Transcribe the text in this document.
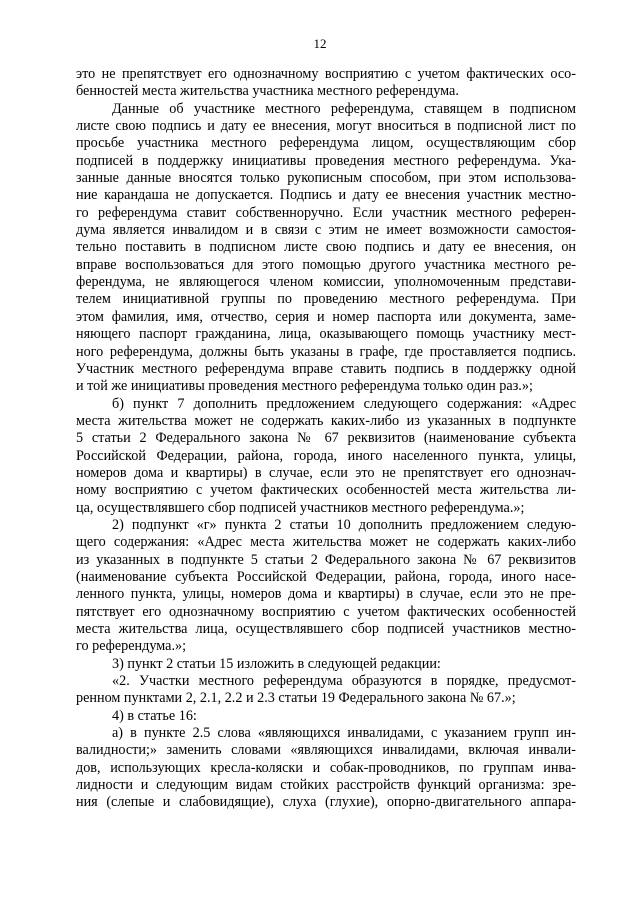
12
это не препятствует его однозначному восприятию с учетом фактических осо-
бенностей места жительства участника местного референдума.
Данные об участнике местного референдума, ставящем в подписном
листе свою подпись и дату ее внесения, могут вноситься в подписной лист по
просьбе участника местного референдума лицом, осуществляющим сбор
подписей в поддержку инициативы проведения местного референдума. Ука-
занные данные вносятся только рукописным способом, при этом использова-
ние карандаша не допускается. Подпись и дату ее внесения участник местно-
го референдума ставит собственноручно. Если участник местного референ-
дума является инвалидом и в связи с этим не имеет возможности самостоя-
тельно поставить в подписном листе свою подпись и дату ее внесения, он
вправе воспользоваться для этого помощью другого участника местного ре-
ферендума, не являющегося членом комиссии, уполномоченным представи-
телем инициативной группы по проведению местного референдума. При
этом фамилия, имя, отчество, серия и номер паспорта или документа, заме-
няющего паспорт гражданина, лица, оказывающего помощь участнику мест-
ного референдума, должны быть указаны в графе, где проставляется подпись.
Участник местного референдума вправе ставить подпись в поддержку одной
и той же инициативы проведения местного референдума только один раз.»;
б) пункт 7 дополнить предложением следующего содержания: «Адрес
места жительства может не содержать каких-либо из указанных в подпункте
5 статьи 2 Федерального закона № 67 реквизитов (наименование субъекта
Российской Федерации, района, города, иного населенного пункта, улицы,
номеров дома и квартиры) в случае, если это не препятствует его однознач-
ному восприятию с учетом фактических особенностей места жительства ли-
ца, осуществлявшего сбор подписей участников местного референдума.»;
2) подпункт «г» пункта 2 статьи 10 дополнить предложением следую-
щего содержания: «Адрес места жительства может не содержать каких-либо
из указанных в подпункте 5 статьи 2 Федерального закона № 67 реквизитов
(наименование субъекта Российской Федерации, района, города, иного насе-
ленного пункта, улицы, номеров дома и квартиры) в случае, если это не пре-
пятствует его однозначному восприятию с учетом фактических особенностей
места жительства лица, осуществлявшего сбор подписей участников местно-
го референдума.»;
3) пункт 2 статьи 15 изложить в следующей редакции:
«2. Участки местного референдума образуются в порядке, предусмот-
ренном пунктами 2, 2.1, 2.2 и 2.3 статьи 19 Федерального закона № 67.»;
4) в статье 16:
а) в пункте 2.5 слова «являющихся инвалидами, с указанием групп ин-
валидности;» заменить словами «являющихся инвалидами, включая инвали-
дов, использующих кресла-коляски и собак-проводников, по группам инва-
лидности и следующим видам стойких расстройств функций организма: зре-
ния (слепые и слабовидящие), слуха (глухие), опорно-двигательного аппара-
